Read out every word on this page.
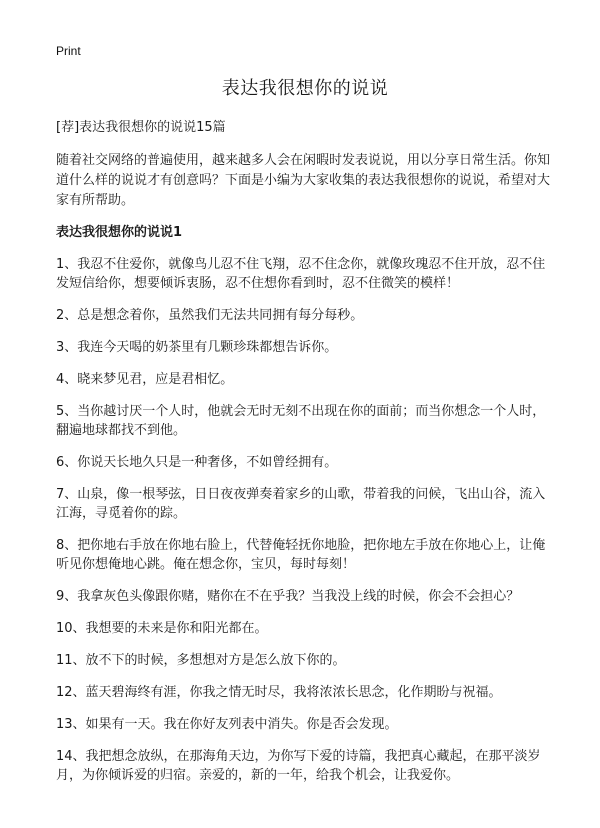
Print
表达我很想你的说说

[荐]表达我很想你的说说15篇

随着社交网络的普遍使用，越来越多人会在闲暇时发表说说，用以分享日常生活。你知道什么样的说说才有创意吗？下面是小编为大家收集的表达我很想你的说说，希望对大家有所帮助。

表达我很想你的说说1

1、我忍不住爱你，就像鸟儿忍不住飞翔，忍不住念你，就像玫瑰忍不住开放，忍不住发短信给你，想要倾诉衷肠，忍不住想你看到时，忍不住微笑的模样！

2、总是想念着你，虽然我们无法共同拥有每分每秒。

3、我连今天喝的奶茶里有几颗珍珠都想告诉你。

4、晓来梦见君，应是君相忆。

5、当你越讨厌一个人时，他就会无时无刻不出现在你的面前；而当你想念一个人时，翻遍地球都找不到他。

6、你说天长地久只是一种奢侈，不如曾经拥有。

7、山泉，像一根琴弦，日日夜夜弹奏着家乡的山歌，带着我的问候，飞出山谷，流入江海，寻觅着你的踪。

8、把你地右手放在你地右脸上，代替俺轻抚你地脸，把你地左手放在你地心上，让俺听见你想俺地心跳。俺在想念你，宝贝，每时每刻！

9、我拿灰色头像跟你赌，赌你在不在乎我？当我没上线的时候，你会不会担心？

10、我想要的未来是你和阳光都在。

11、放不下的时候，多想想对方是怎么放下你的。

12、蓝天碧海终有涯，你我之情无时尽，我将浓浓长思念，化作期盼与祝福。

13、如果有一天。我在你好友列表中消失。你是否会发现。

14、我把想念放纵，在那海角天边，为你写下爱的诗篇，我把真心藏起，在那平淡岁月，为你倾诉爱的归宿。亲爱的，新的一年，给我个机会，让我爱你。
